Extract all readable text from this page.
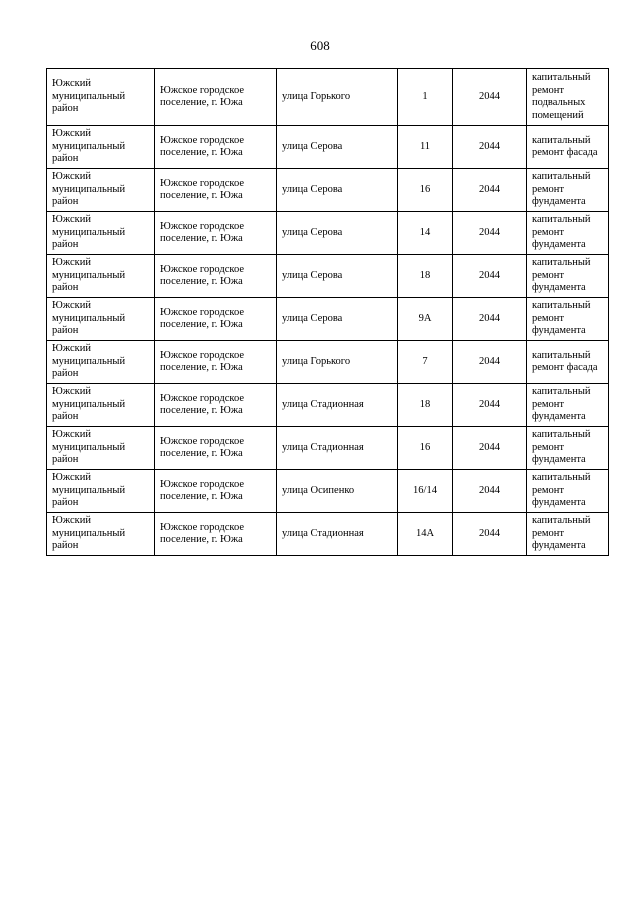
608
Южский муниципальный район	Южское городское поселение, г. Южа	улица Горького	1	2044	капитальный ремонт подвальных помещений
Южский муниципальный район	Южское городское поселение, г. Южа	улица Серова	11	2044	капитальный ремонт фасада
Южский муниципальный район	Южское городское поселение, г. Южа	улица Серова	16	2044	капитальный ремонт фундамента
Южский муниципальный район	Южское городское поселение, г. Южа	улица Серова	14	2044	капитальный ремонт фундамента
Южский муниципальный район	Южское городское поселение, г. Южа	улица Серова	18	2044	капитальный ремонт фундамента
Южский муниципальный район	Южское городское поселение, г. Южа	улица Серова	9А	2044	капитальный ремонт фундамента
Южский муниципальный район	Южское городское поселение, г. Южа	улица Горького	7	2044	капитальный ремонт фасада
Южский муниципальный район	Южское городское поселение, г. Южа	улица Стадионная	18	2044	капитальный ремонт фундамента
Южский муниципальный район	Южское городское поселение, г. Южа	улица Стадионная	16	2044	капитальный ремонт фундамента
Южский муниципальный район	Южское городское поселение, г. Южа	улица Осипенко	16/14	2044	капитальный ремонт фундамента
Южский муниципальный район	Южское городское поселение, г. Южа	улица Стадионная	14А	2044	капитальный ремонт фундамента
